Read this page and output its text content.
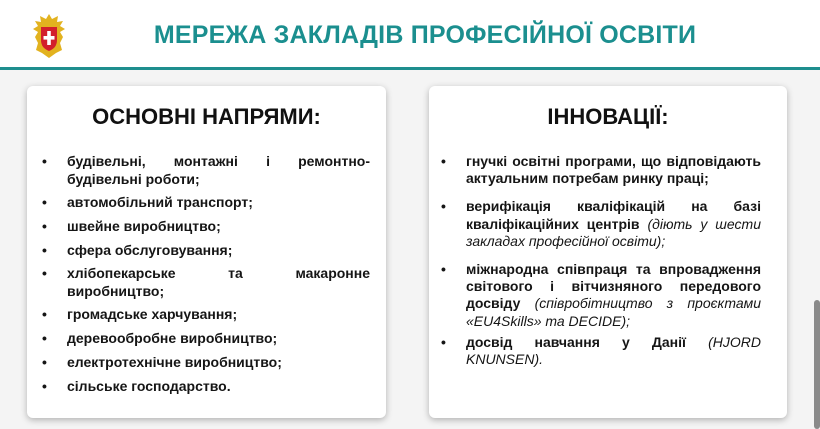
МЕРЕЖА ЗАКЛАДІВ ПРОФЕСІЙНОЇ ОСВІТИ
ОСНОВНІ НАПРЯМИ:
• будівельні, монтажні і ремонтно-будівельні роботи;
• автомобільний транспорт;
• швейне виробництво;
• сфера обслуговування;
• хлібопекарське та макаронне виробництво;
• громадське харчування;
• деревообробне виробництво;
• електротехнічне виробництво;
• сільське господарство.
ІННОВАЦІЇ:
• гнучкі освітні програми, що відповідають актуальним потребам ринку праці;
• верифікація кваліфікацій на базі кваліфікаційних центрів (діють у шести закладах професійної освіти);
• міжнародна співпраця та впровадження світового і вітчизняного передового досвіду (співробітництво з проєктами «EU4Skills» та DECIDE);
• досвід навчання у Данії (HJORD KNUNSEN).
